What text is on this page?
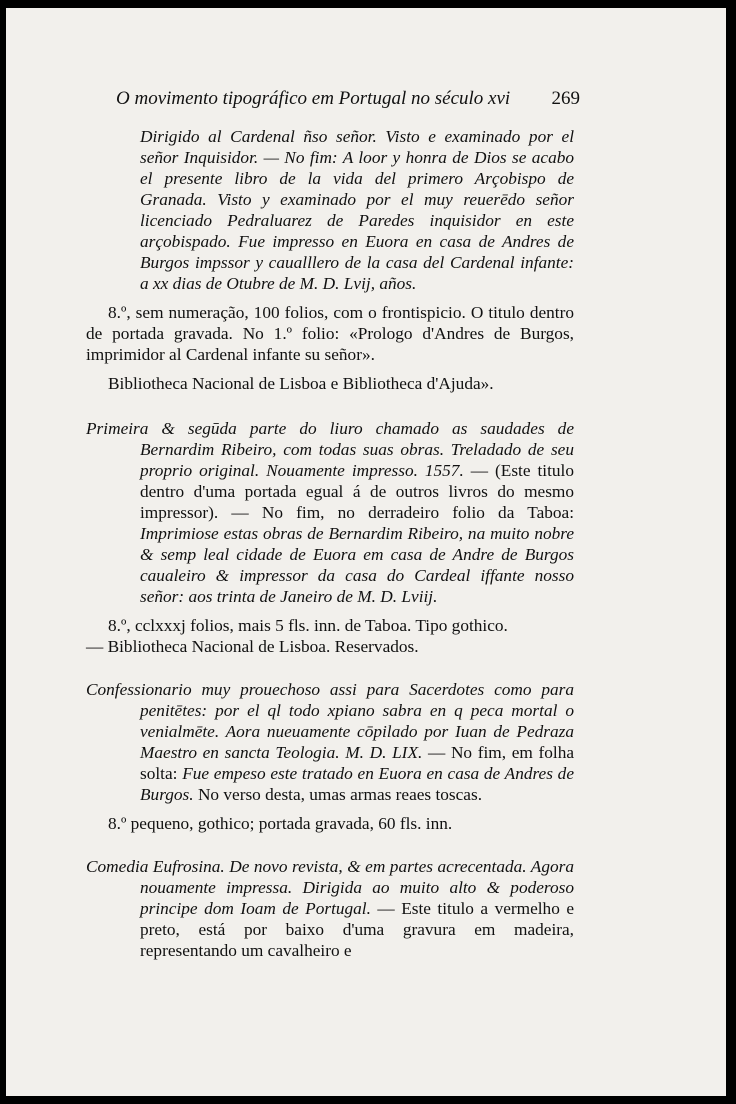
O movimento tipográfico em Portugal no século xvi 269

Dirigido al Cardenal ñso señor. Visto e examinado por el señor Inquisidor. — No fim: A loor y honra de Dios se acabo el presente libro de la vida del primero Arçobispo de Granada. Visto y examinado por el muy reuerēdo señor licenciado Pedraluarez de Paredes inquisidor en este arçobispado. Fue impresso en Euora en casa de Andres de Burgos impssor y caualllero de la casa del Cardenal infante: a xx dias de Otubre de M. D. Lvij, años.

8.º, sem numeração, 100 folios, com o frontispicio. O titulo dentro de portada gravada. No 1.º folio: «Prologo d'Andres de Burgos, imprimidor al Cardenal infante su señor».

Bibliotheca Nacional de Lisboa e Bibliotheca d'Ajuda».

Primeira & segūda parte do liuro chamado as saudades de Bernardim Ribeiro, com todas suas obras. Treladado de seu proprio original. Nouamente impresso. 1557. — (Este titulo dentro d'uma portada egual á de outros livros do mesmo impressor). — No fim, no derradeiro folio da Taboa: Imprimiose estas obras de Bernardim Ribeiro, na muito nobre & semp leal cidade de Euora em casa de Andre de Burgos caualeiro & impressor da casa do Cardeal iffante nosso señor: aos trinta de Janeiro de M. D. Lviij.

8.º, cclxxxj folios, mais 5 fls. inn. de Taboa. Tipo gothico.

— Bibliotheca Nacional de Lisboa. Reservados.

Confessionario muy prouechoso assi para Sacerdotes como para penitētes: por el ql todo xpiano sabra en q peca mortal o venialmēte. Aora nueuamente cōpilado por Iuan de Pedraza Maestro en sancta Teologia. M. D. LIX. — No fim, em folha solta: Fue empeso este tratado en Euora en casa de Andres de Burgos. No verso desta, umas armas reaes toscas.

8.º pequeno, gothico; portada gravada, 60 fls. inn.

Comedia Eufrosina. De novo revista, & em partes acrecentada. Agora nouamente impressa. Dirigida ao muito alto & poderoso principe dom Ioam de Portugal. — Este titulo a vermelho e preto, está por baixo d'uma gravura em madeira, representando um cavalheiro e
